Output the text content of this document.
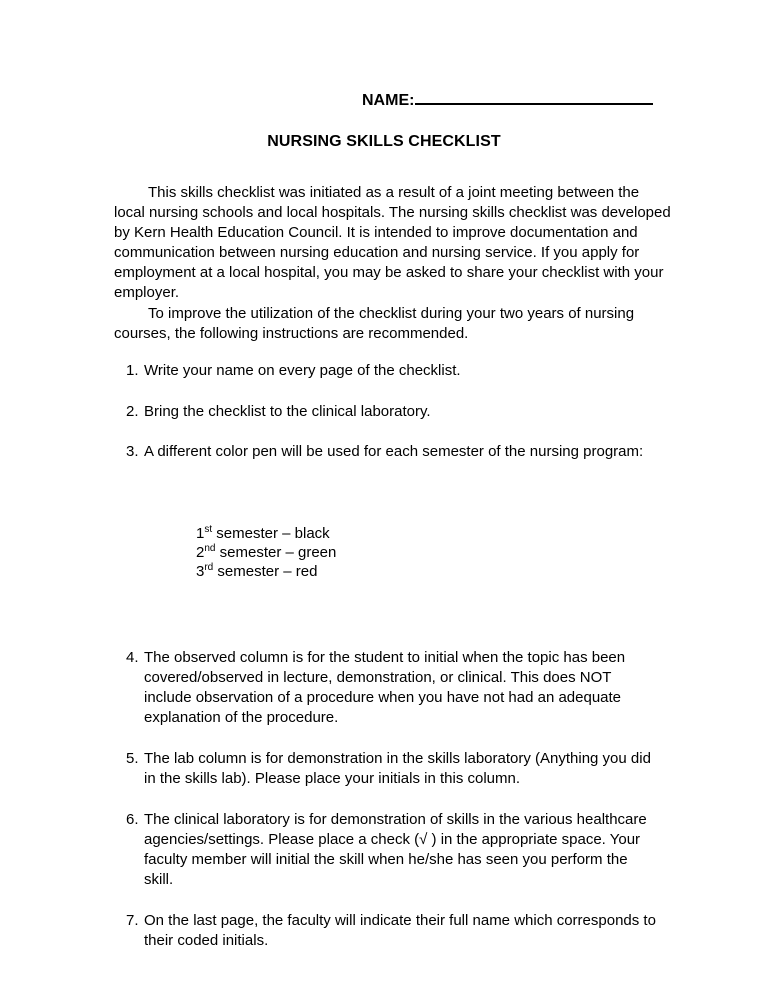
NAME:
NURSING SKILLS CHECKLIST

This skills checklist was initiated as a result of a joint meeting between the local nursing schools and local hospitals. The nursing skills checklist was developed by Kern Health Education Council. It is intended to improve documentation and communication between nursing education and nursing service. If you apply for employment at a local hospital, you may be asked to share your checklist with your employer.

To improve the utilization of the checklist during your two years of nursing courses, the following instructions are recommended.

1. Write your name on every page of the checklist.
2. Bring the checklist to the clinical laboratory.
3. A different color pen will be used for each semester of the nursing program:
4. The observed column is for the student to initial when the topic has been covered/observed in lecture, demonstration, or clinical. This does NOT include observation of a procedure when you have not had an adequate explanation of the procedure.
5. The lab column is for demonstration in the skills laboratory (Anything you did in the skills lab). Please place your initials in this column.
6. The clinical laboratory is for demonstration of skills in the various healthcare agencies/settings. Please place a check (√ ) in the appropriate space. Your faculty member will initial the skill when he/she has seen you perform the skill.
7. On the last page, the faculty will indicate their full name which corresponds to their coded initials.
1st semester – black
2nd semester – green
3rd semester – red
